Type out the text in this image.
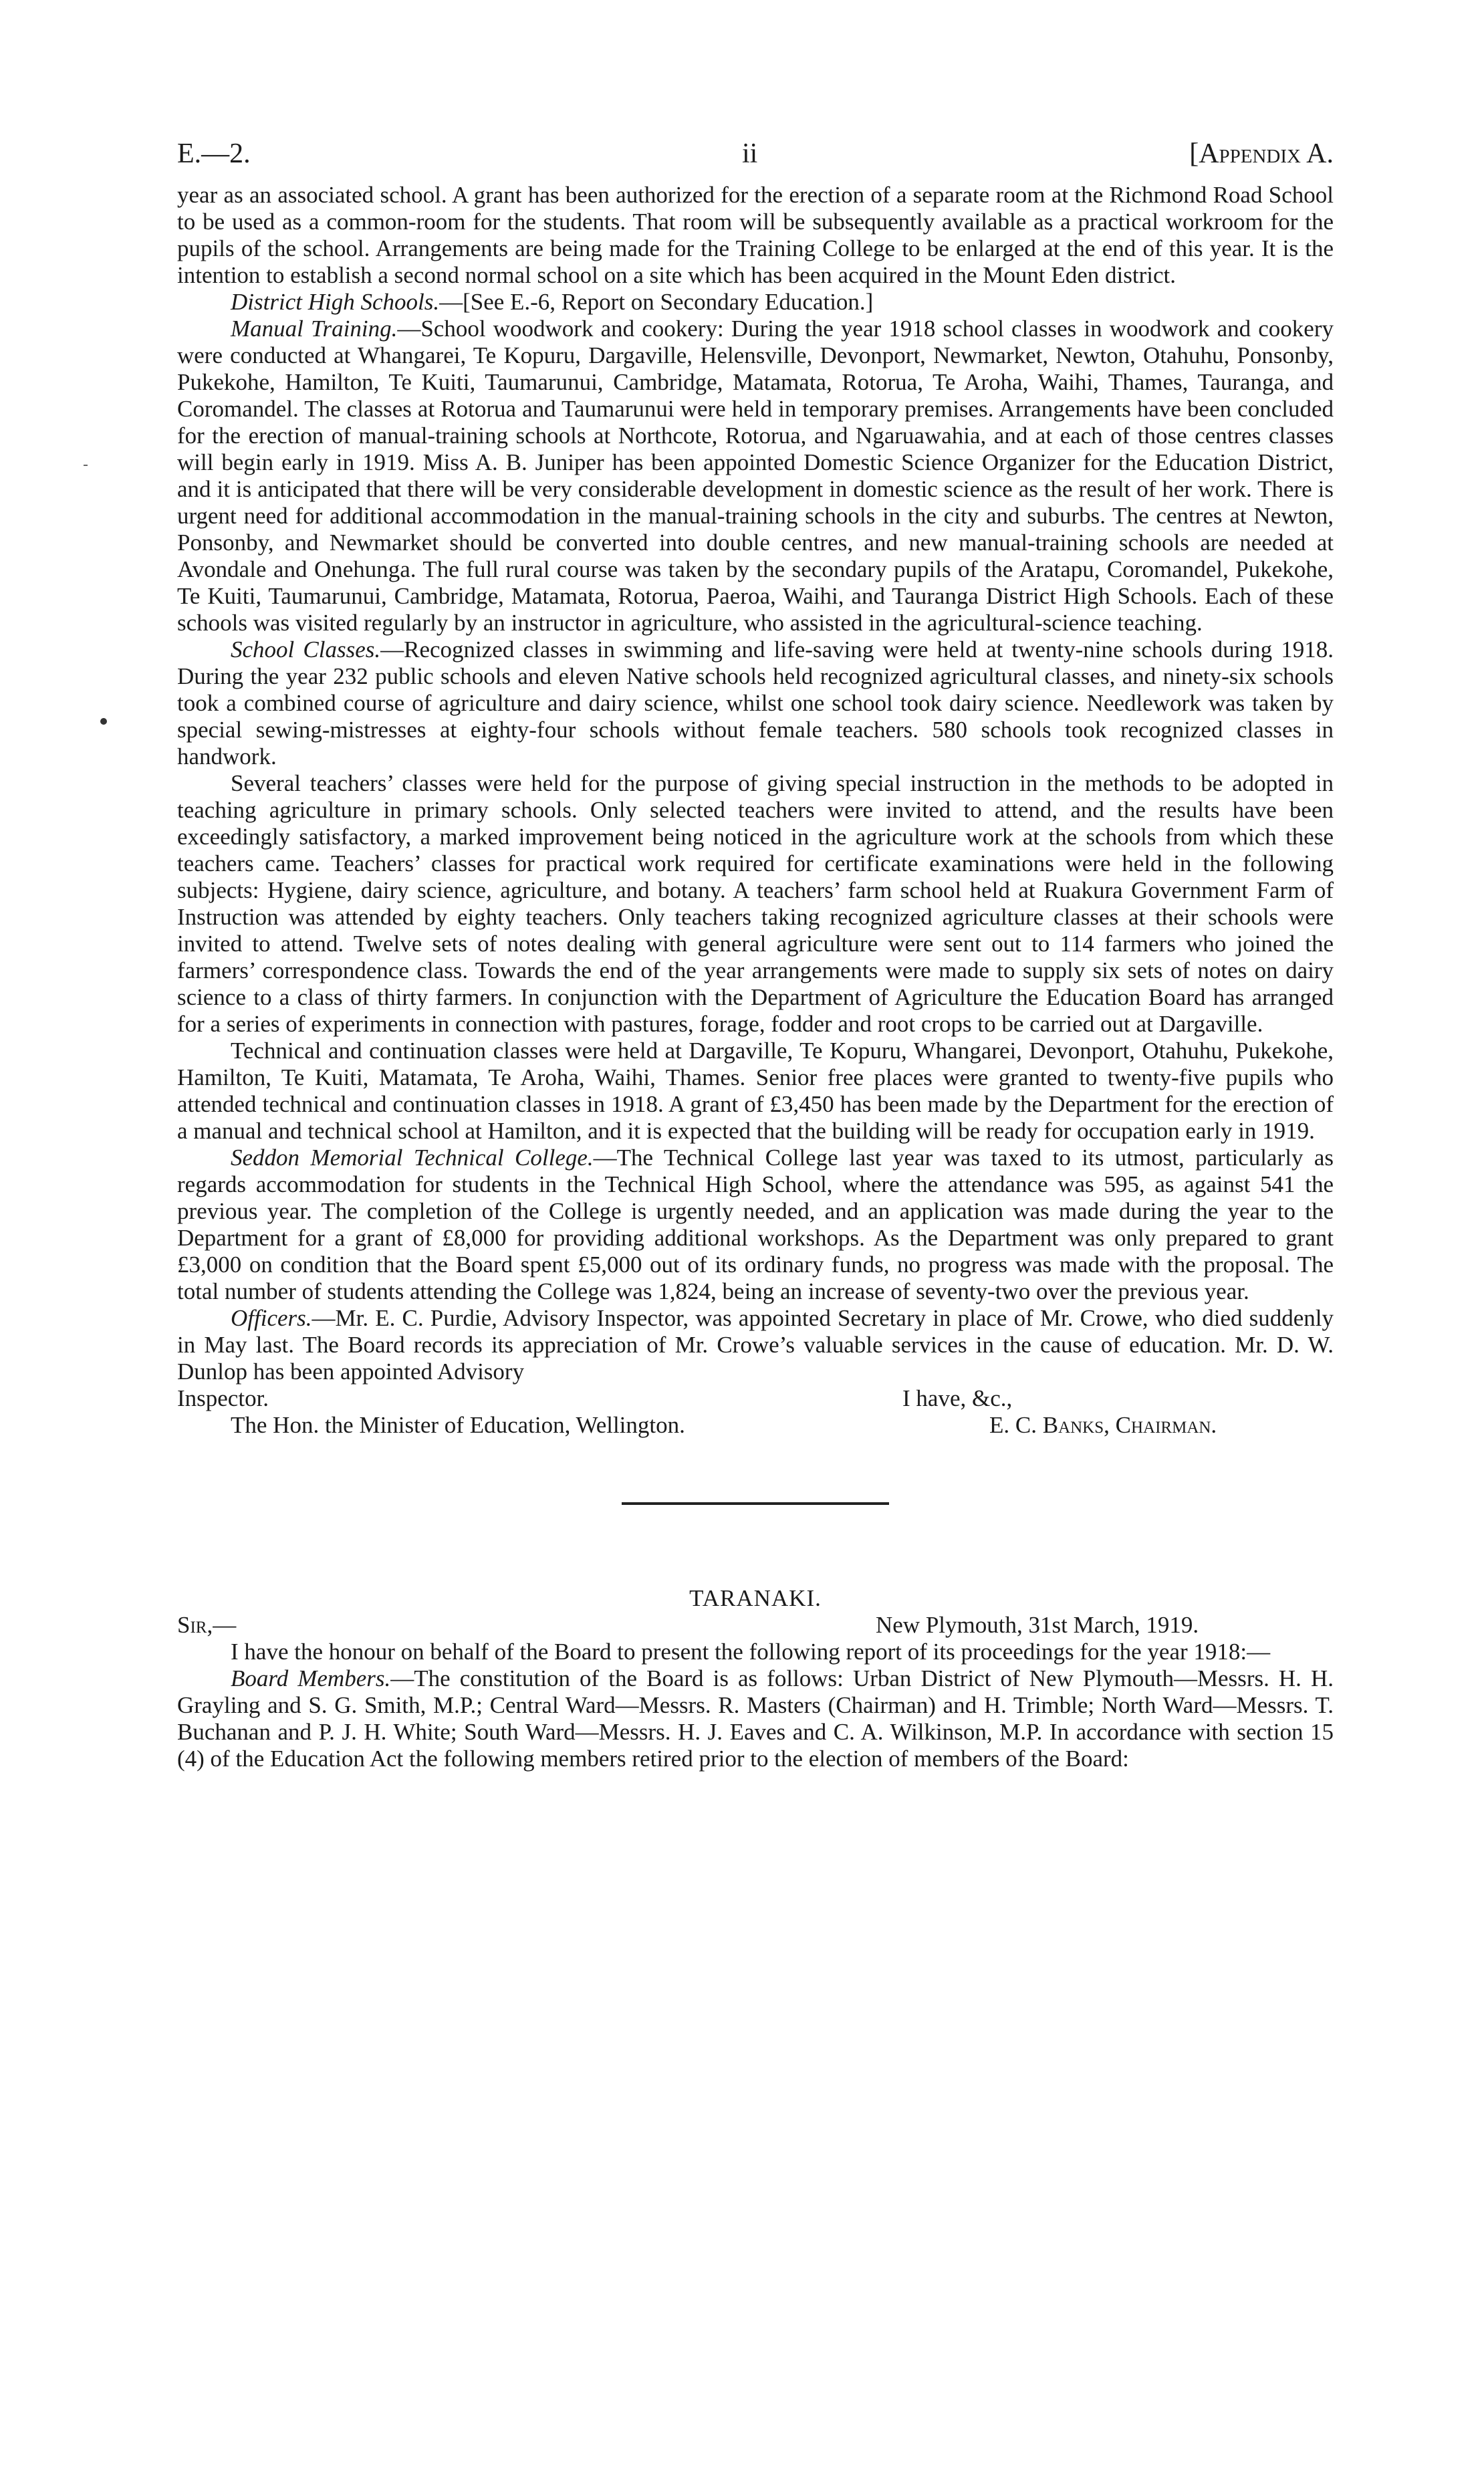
E.—2.	ii	[Appendix A.

year as an associated school. A grant has been authorized for the erection of a separate room at the Richmond Road School to be used as a common-room for the students. That room will be subsequently available as a practical workroom for the pupils of the school. Arrangements are being made for the Training College to be enlarged at the end of this year. It is the intention to establish a second normal school on a site which has been acquired in the Mount Eden district.

District High Schools.—[See E.-6, Report on Secondary Education.]

Manual Training.—School woodwork and cookery: During the year 1918 school classes in woodwork and cookery were conducted at Whangarei, Te Kopuru, Dargaville, Helensville, Devonport, Newmarket, Newton, Otahuhu, Ponsonby, Pukekohe, Hamilton, Te Kuiti, Taumarunui, Cambridge, Matamata, Rotorua, Te Aroha, Waihi, Thames, Tauranga, and Coromandel. The classes at Rotorua and Taumarunui were held in temporary premises. Arrangements have been concluded for the erection of manual-training schools at Northcote, Rotorua, and Ngaruawahia, and at each of those centres classes will begin early in 1919. Miss A. B. Juniper has been appointed Domestic Science Organizer for the Education District, and it is anticipated that there will be very considerable development in domestic science as the result of her work. There is urgent need for additional accommodation in the manual-training schools in the city and suburbs. The centres at Newton, Ponsonby, and Newmarket should be converted into double centres, and new manual-training schools are needed at Avondale and Onehunga. The full rural course was taken by the secondary pupils of the Aratapu, Coromandel, Pukekohe, Te Kuiti, Taumarunui, Cambridge, Matamata, Rotorua, Paeroa, Waihi, and Tauranga District High Schools. Each of these schools was visited regularly by an instructor in agriculture, who assisted in the agricultural-science teaching.

School Classes.—Recognized classes in swimming and life-saving were held at twenty-nine schools during 1918. During the year 232 public schools and eleven Native schools held recognized agricultural classes, and ninety-six schools took a combined course of agriculture and dairy science, whilst one school took dairy science. Needlework was taken by special sewing-mistresses at eighty-four schools without female teachers. 580 schools took recognized classes in handwork.

Several teachers’ classes were held for the purpose of giving special instruction in the methods to be adopted in teaching agriculture in primary schools. Only selected teachers were invited to attend, and the results have been exceedingly satisfactory, a marked improvement being noticed in the agriculture work at the schools from which these teachers came. Teachers’ classes for practical work required for certificate examinations were held in the following subjects: Hygiene, dairy science, agriculture, and botany. A teachers’ farm school held at Ruakura Government Farm of Instruction was attended by eighty teachers. Only teachers taking recognized agriculture classes at their schools were invited to attend. Twelve sets of notes dealing with general agriculture were sent out to 114 farmers who joined the farmers’ correspondence class. Towards the end of the year arrangements were made to supply six sets of notes on dairy science to a class of thirty farmers. In conjunction with the Department of Agriculture the Education Board has arranged for a series of experiments in connection with pastures, forage, fodder and root crops to be carried out at Dargaville.

Technical and continuation classes were held at Dargaville, Te Kopuru, Whangarei, Devonport, Otahuhu, Pukekohe, Hamilton, Te Kuiti, Matamata, Te Aroha, Waihi, Thames. Senior free places were granted to twenty-five pupils who attended technical and continuation classes in 1918. A grant of £3,450 has been made by the Department for the erection of a manual and technical school at Hamilton, and it is expected that the building will be ready for occupation early in 1919.

Seddon Memorial Technical College.—The Technical College last year was taxed to its utmost, particularly as regards accommodation for students in the Technical High School, where the attendance was 595, as against 541 the previous year. The completion of the College is urgently needed, and an application was made during the year to the Department for a grant of £8,000 for providing additional workshops. As the Department was only prepared to grant £3,000 on condition that the Board spent £5,000 out of its ordinary funds, no progress was made with the proposal. The total number of students attending the College was 1,824, being an increase of seventy-two over the previous year.

Officers.—Mr. E. C. Purdie, Advisory Inspector, was appointed Secretary in place of Mr. Crowe, who died suddenly in May last. The Board records its appreciation of Mr. Crowe’s valuable services in the cause of education. Mr. D. W. Dunlop has been appointed Advisory

Inspector.	I have, &c.,
The Hon. the Minister of Education, Wellington.	E. C. Banks, Chairman.
TARANAKI.
Sir,—	New Plymouth, 31st March, 1919.

I have the honour on behalf of the Board to present the following report of its proceedings for the year 1918:—

Board Members.—The constitution of the Board is as follows: Urban District of New Plymouth—Messrs. H. H. Grayling and S. G. Smith, M.P.; Central Ward—Messrs. R. Masters (Chairman) and H. Trimble; North Ward—Messrs. T. Buchanan and P. J. H. White; South Ward—Messrs. H. J. Eaves and C. A. Wilkinson, M.P. In accordance with section 15 (4) of the Education Act the following members retired prior to the election of members of the Board:
